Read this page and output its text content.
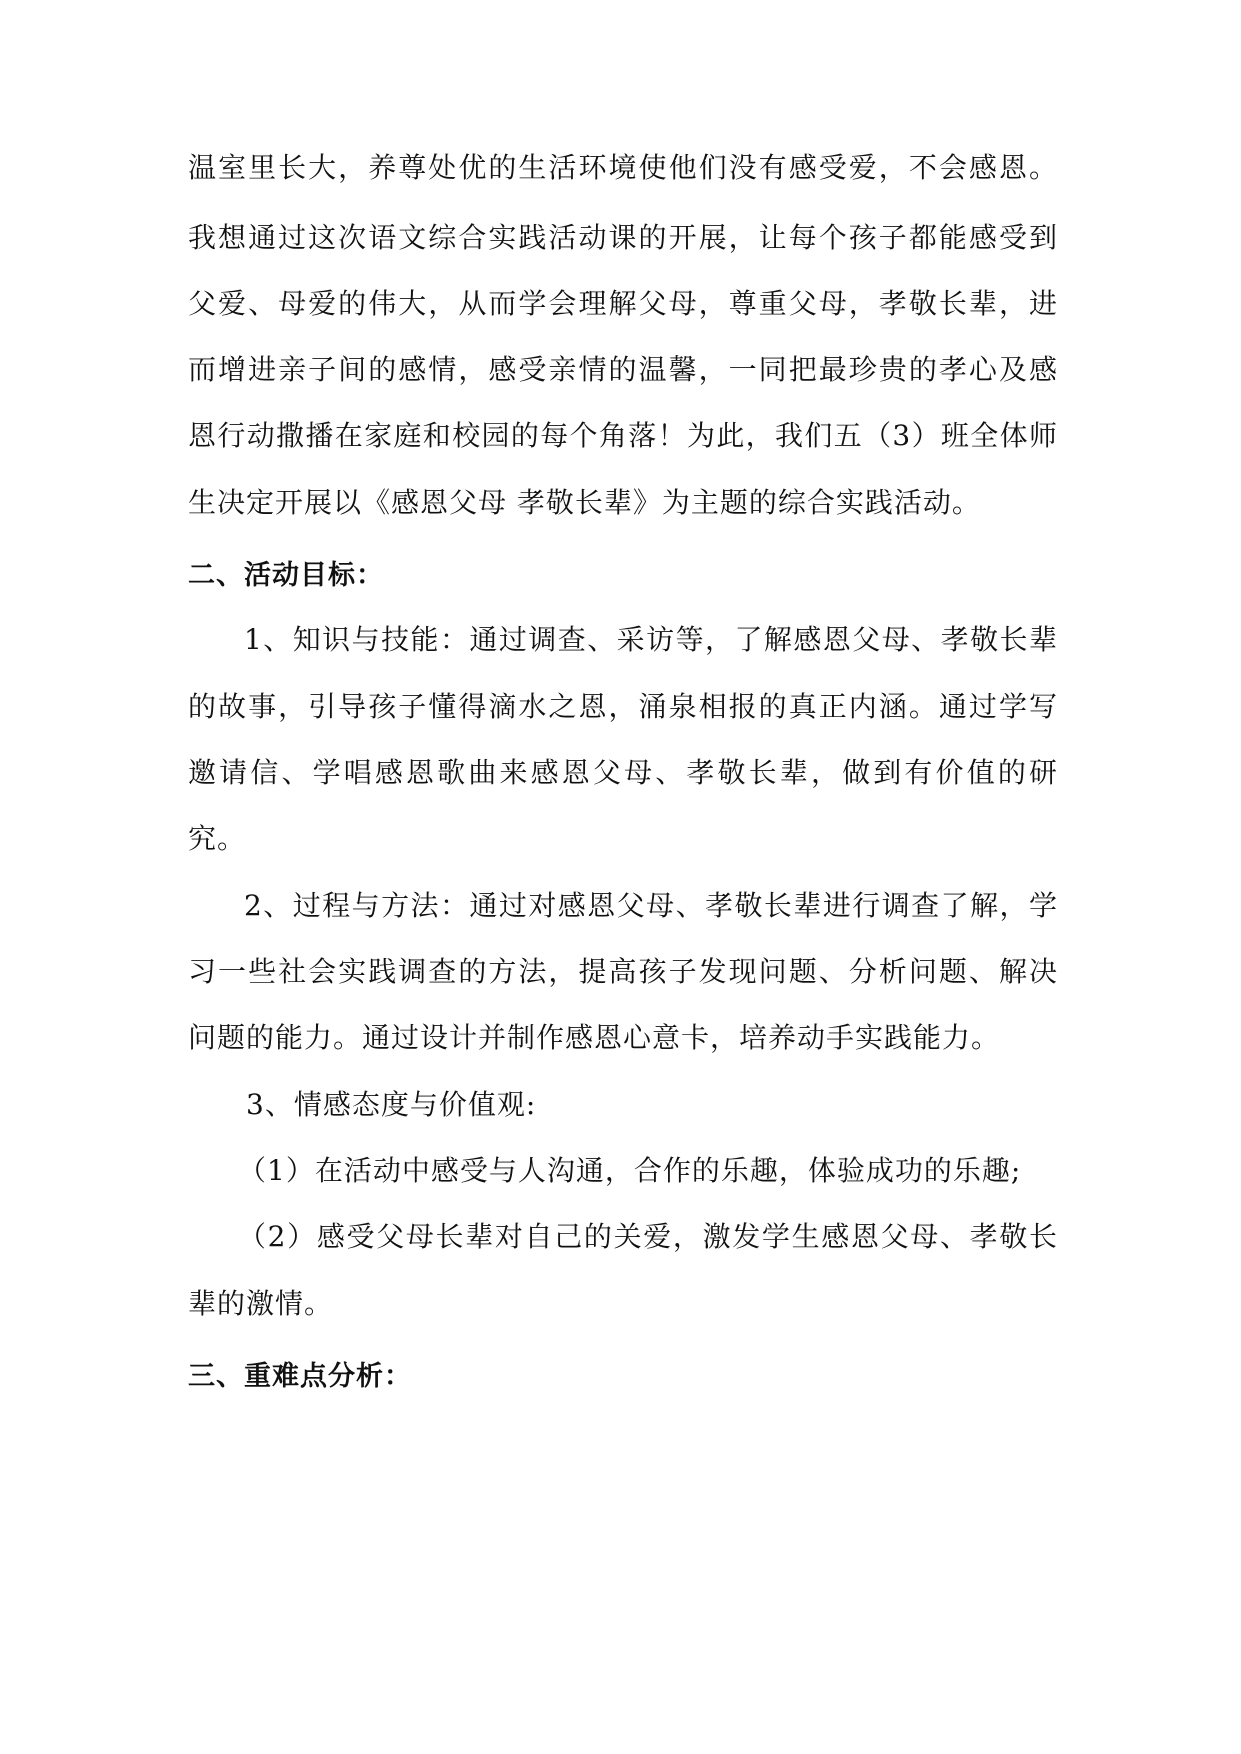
温室里长大，养尊处优的生活环境使他们没有感受爱，不会感恩。
我想通过这次语文综合实践活动课的开展，让每个孩子都能感受到
父爱、母爱的伟大，从而学会理解父母，尊重父母，孝敬长辈，进
而增进亲子间的感情，感受亲情的温馨，一同把最珍贵的孝心及感
恩行动撒播在家庭和校园的每个角落！为此，我们五（3）班全体师
生决定开展以《感恩父母 孝敬长辈》为主题的综合实践活动。
二、活动目标：
1、知识与技能：通过调查、采访等，了解感恩父母、孝敬长辈
的故事，引导孩子懂得滴水之恩，涌泉相报的真正内涵。通过学写
邀请信、学唱感恩歌曲来感恩父母、孝敬长辈，做到有价值的研
究。
2、过程与方法：通过对感恩父母、孝敬长辈进行调查了解，学
习一些社会实践调查的方法，提高孩子发现问题、分析问题、解决
问题的能力。通过设计并制作感恩心意卡，培养动手实践能力。
3、情感态度与价值观:
（1）在活动中感受与人沟通，合作的乐趣，体验成功的乐趣;
（2）感受父母长辈对自己的关爱，激发学生感恩父母、孝敬长
辈的激情。
三、重难点分析：
